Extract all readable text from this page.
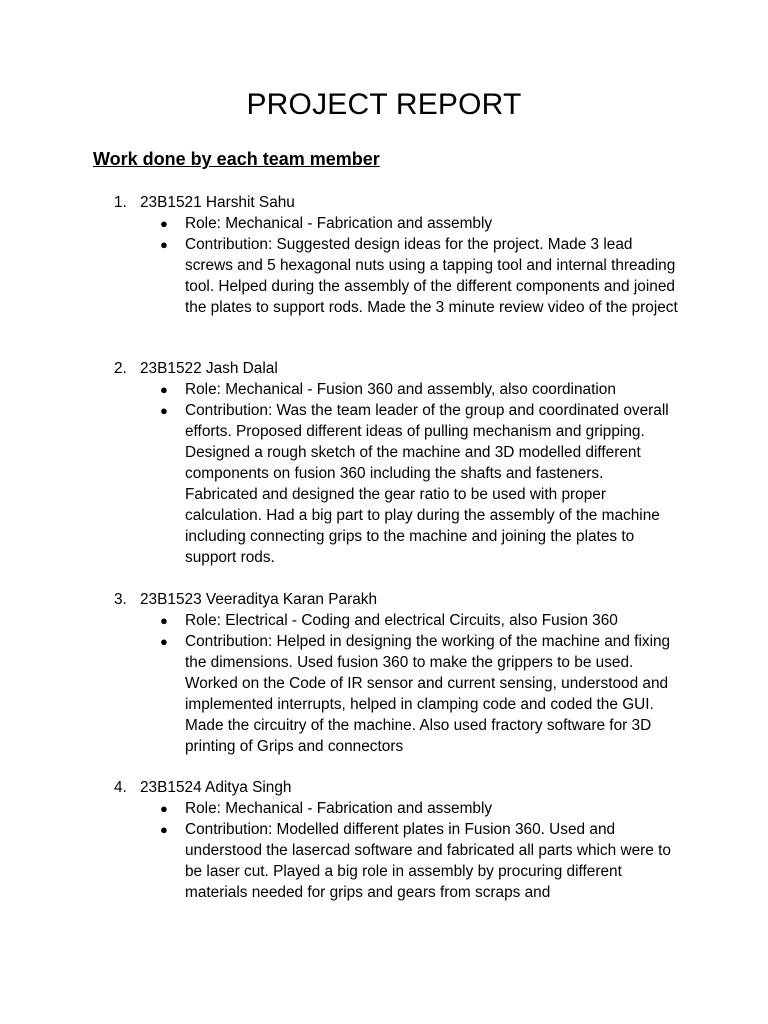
PROJECT REPORT
Work done by each team member
1. 23B1521 Harshit Sahu
●	Role: Mechanical - Fabrication and assembly
●	Contribution: Suggested design ideas for the project. Made 3 lead screws and 5 hexagonal nuts using a tapping tool and internal threading tool. Helped during the assembly of the different components and joined the plates to support rods. Made the 3 minute review video of the project
2. 23B1522 Jash Dalal
●	Role: Mechanical - Fusion 360 and assembly, also coordination
●	Contribution: Was the team leader of the group and coordinated overall efforts. Proposed different ideas of pulling mechanism and gripping. Designed a rough sketch of the machine and 3D modelled different components on fusion 360 including the shafts and fasteners. Fabricated and designed the gear ratio to be used with proper calculation. Had a big part to play during the assembly of the machine including connecting grips to the machine and joining the plates to support rods.
3. 23B1523 Veeraditya Karan Parakh
●	Role: Electrical - Coding and electrical Circuits, also Fusion 360
●	Contribution: Helped in designing the working of the machine and fixing the dimensions. Used fusion 360 to make the grippers to be used. Worked on the Code of IR sensor and current sensing, understood and implemented interrupts, helped in clamping code and coded the GUI. Made the circuitry of the machine. Also used fractory software for 3D printing of Grips and connectors
4. 23B1524 Aditya Singh
●	Role: Mechanical - Fabrication and assembly
●	Contribution: Modelled different plates in Fusion 360. Used and understood the lasercad software and fabricated all parts which were to be laser cut. Played a big role in assembly by procuring different materials needed for grips and gears from scraps and
